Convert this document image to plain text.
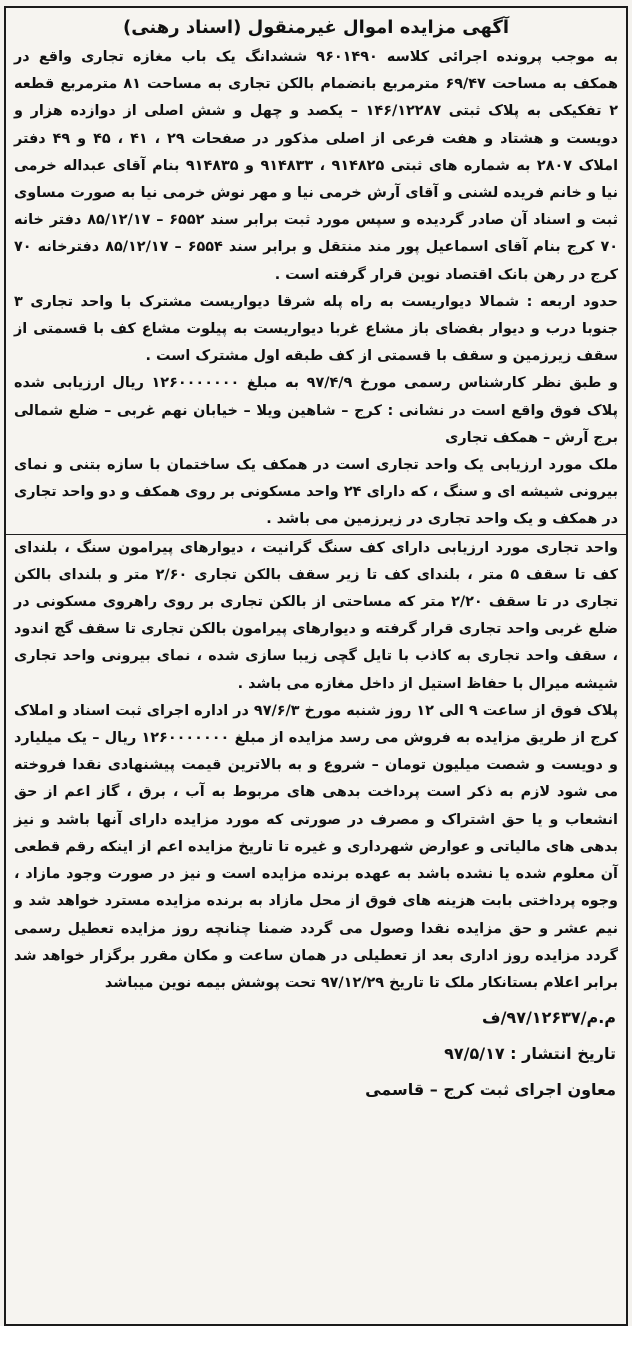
آگهی مزایده اموال غیرمنقول (اسناد رهنی)

به موجب پرونده اجرائی کلاسه ۹۶۰۱۴۹۰ ششدانگ یک باب مغازه تجاری واقع در همکف به مساحت ۶۹/۴۷ مترمربع بانضمام بالکن تجاری به مساحت ۸۱ مترمربع قطعه ۲ تفکیکی به پلاک ثبتی ۱۴۶/۱۲۲۸۷ – یکصد و چهل و شش اصلی از دوازده هزار و دویست و هشتاد و هفت فرعی از اصلی مذکور در صفحات ۲۹ ، ۴۱ ، ۴۵ و ۴۹ دفتر املاک ۲۸۰۷ به شماره های ثبتی ۹۱۴۸۲۵ ، ۹۱۴۸۳۳ و ۹۱۴۸۳۵ بنام آقای عبداله خرمی نیا و خانم فریده لشنی و آقای آرش خرمی نیا و مهر نوش خرمی نیا به صورت مساوی ثبت و اسناد آن صادر گردیده و سپس مورد ثبت برابر سند ۶۵۵۲ – ۸۵/۱۲/۱۷ دفتر خانه ۷۰ کرج بنام آقای اسماعیل پور مند منتقل و برابر سند ۶۵۵۴ – ۸۵/۱۲/۱۷ دفترخانه ۷۰ کرج در رهن بانک اقتصاد نوین قرار گرفته است .

حدود اربعه : شمالا دیواریست به راه پله شرقا دیواریست مشترک با واحد تجاری ۳ جنوبا درب و دیوار بفضای باز مشاع غربا دیواریست به پیلوت مشاع کف با قسمتی از سقف زیرزمین و سقف با قسمتی از کف طبقه اول مشترک است .

و طبق نظر کارشناس رسمی مورخ ۹۷/۴/۹ به مبلغ ۱۲۶۰۰۰۰۰۰۰ ریال ارزیابی شده پلاک فوق واقع است در نشانی : کرج – شاهین ویلا – خیابان نهم غربی – ضلع شمالی برج آرش – همکف تجاری

ملک مورد ارزیابی یک واحد تجاری است در همکف یک ساختمان با سازه بتنی و نمای بیرونی شیشه ای و سنگ ، که دارای ۲۴ واحد مسکونی بر روی همکف و دو واحد تجاری در همکف و یک واحد تجاری در زیرزمین می باشد .

واحد تجاری مورد ارزیابی دارای کف سنگ گرانیت ، دیوارهای پیرامون سنگ ، بلندای کف تا سقف ۵ متر ، بلندای کف تا زیر سقف بالکن تجاری ۲/۶۰ متر و بلندای بالکن تجاری در تا سقف ۲/۲۰ متر که مساحتی از بالکن تجاری بر روی راهروی مسکونی در ضلع غربی واحد تجاری قرار گرفته و دیوارهای پیرامون بالکن تجاری تا سقف گچ اندود ، سقف واحد تجاری به کاذب با تایل گچی زیبا سازی شده ، نمای بیرونی واحد تجاری شیشه میرال با حفاظ استیل از داخل مغازه می باشد .

پلاک فوق از ساعت ۹ الی ۱۲ روز شنبه مورخ ۹۷/۶/۳ در اداره اجرای ثبت اسناد و املاک کرج از طریق مزایده به فروش می رسد مزایده از مبلغ ۱۲۶۰۰۰۰۰۰۰ ریال – یک میلیارد و دویست و شصت میلیون تومان – شروع و به بالاترین قیمت پیشنهادی نقدا فروخته می شود لازم به ذکر است پرداخت بدهی های مربوط به آب ، برق ، گاز اعم از حق انشعاب و یا حق اشتراک و مصرف در صورتی که مورد مزایده دارای آنها باشد و نیز بدهی های مالیاتی و عوارض شهرداری و غیره تا تاریخ مزایده اعم از اینکه رقم قطعی آن معلوم شده یا نشده باشد به عهده برنده مزایده است و نیز در صورت وجود مازاد ، وجوه پرداختی بابت هزینه های فوق از محل مازاد به برنده مزایده مسترد خواهد شد و نیم عشر و حق مزایده نقدا وصول می گردد ضمنا چنانچه روز مزایده تعطیل رسمی گردد مزایده روز اداری بعد از تعطیلی در همان ساعت و مکان مقرر برگزار خواهد شد برابر اعلام بستانکار ملک تا تاریخ ۹۷/۱۲/۲۹ تحت پوشش بیمه نوین میباشد

م.م/۹۷/۱۲۶۳۷/ف
تاریخ انتشار : ۹۷/۵/۱۷
معاون اجرای ثبت کرج – قاسمی
